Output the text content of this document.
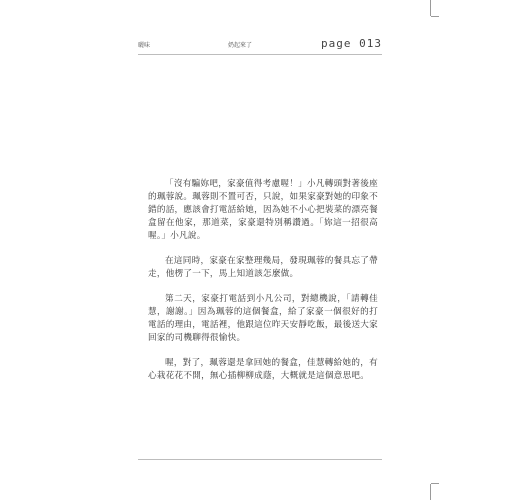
曬味	奶起來了	page 013

「沒有騙妳吧，家豪值得考慮喔！」小凡轉頭對著後座的珮蓉說。珮蓉則不置可否，只說，如果家豪對她的印象不錯的話，應該會打電話給她，因為她不小心把裝菜的漂亮餐盒留在他家，那道菜，家豪還特別稱讚過。「妳這一招很高喔。」小凡說。

在這同時，家豪在家整理幾局，發現珮蓉的餐具忘了帶走，他楞了一下，馬上知道該怎麼做。

第二天，家豪打電話到小凡公司，對總機說，「請轉佳慧，謝謝。」因為珮蓉的這個餐盒，給了家豪一個很好的打電話的理由，電話裡，他跟這位昨天安靜吃飯，最後送大家回家的司機聊得很愉快。

喔，對了，珮蓉還是拿回她的餐盒，佳慧轉給她的，有心栽花花不開，無心插柳柳成蔭，大概就是這個意思吧。
